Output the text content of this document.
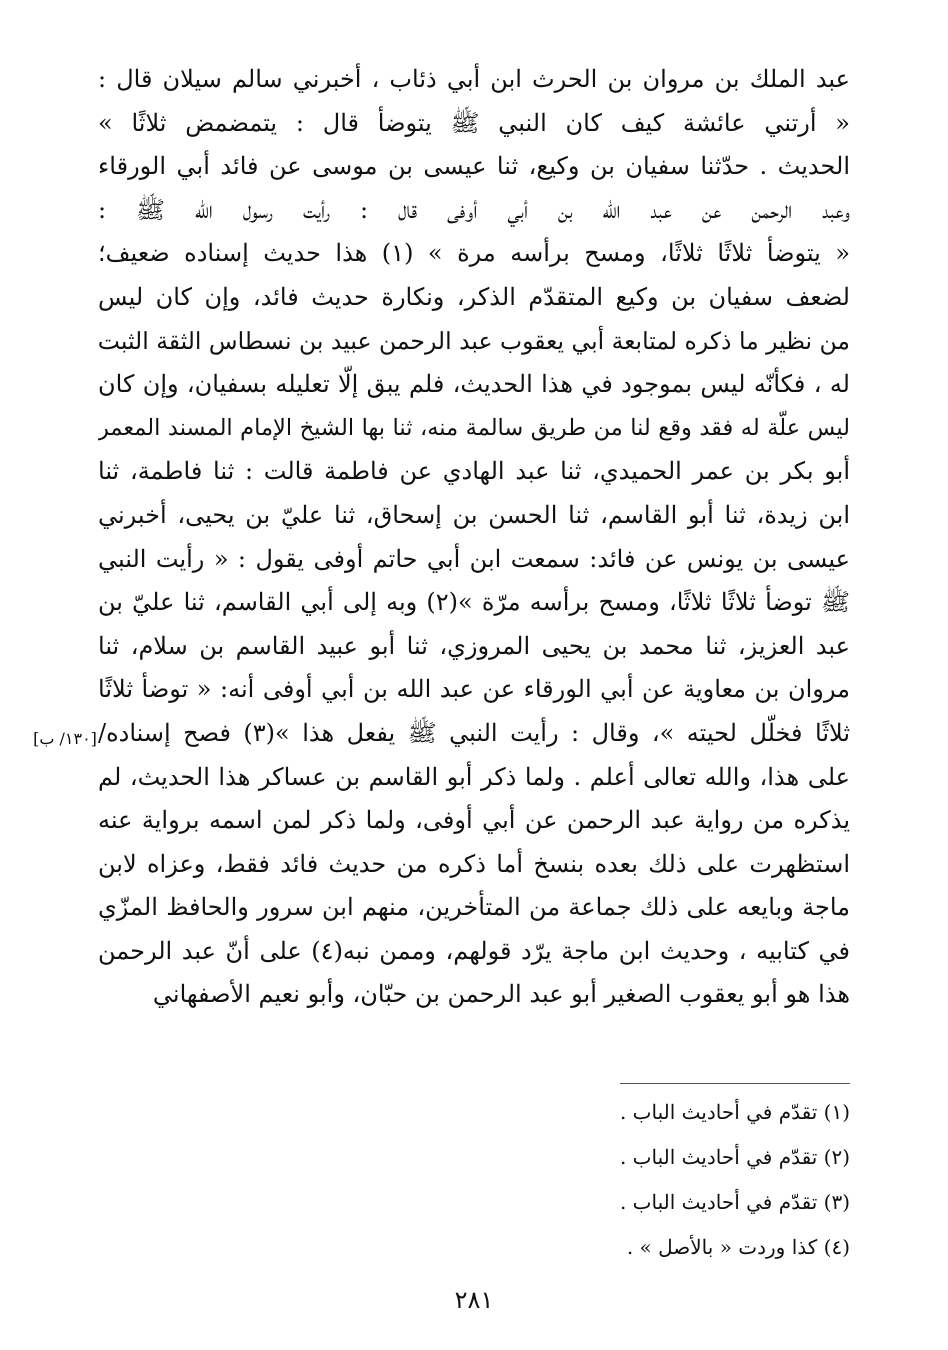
عبد الملك بن مروان بن الحرث ابن أبي ذئاب ، أخبرني سالم سيلان قال :
« أرتني عائشة كيف كان النبي ﷺ يتوضأ قال : يتمضمض ثلاثًا »
الحديث . حدّثنا سفيان بن وكيع، ثنا عيسى بن موسى عن فائد أبي الورقاء
وعبد الرحمن عن عبد الله بن أبي أوفى قال : رأيت رسول الله ﷺ :
« يتوضأ ثلاثًا ثلاثًا، ومسح برأسه مرة » (١) هذا حديث إسناده ضعيف؛
لضعف سفيان بن وكيع المتقدّم الذكر، ونكارة حديث فائد، وإن كان ليس
من نظير ما ذكره لمتابعة أبي يعقوب عبد الرحمن عبيد بن نسطاس الثقة الثبت
له ، فكأنّه ليس بموجود في هذا الحديث، فلم يبق إلّا تعليله بسفيان، وإن كان
ليس علّة له فقد وقع لنا من طريق سالمة منه، ثنا بها الشيخ الإمام المسند المعمر
أبو بكر بن عمر الحميدي، ثنا عبد الهادي عن فاطمة قالت : ثنا فاطمة، ثنا
ابن زيدة، ثنا أبو القاسم، ثنا الحسن بن إسحاق، ثنا عليّ بن يحيى، أخبرني
عيسى بن يونس عن فائد: سمعت ابن أبي حاتم أوفى يقول : « رأيت النبي
ﷺ توضأ ثلاثًا ثلاثًا، ومسح برأسه مرّة »(٢) وبه إلى أبي القاسم، ثنا عليّ بن
عبد العزيز، ثنا محمد بن يحيى المروزي، ثنا أبو عبيد القاسم بن سلام، ثنا
مروان بن معاوية عن أبي الورقاء عن عبد الله بن أبي أوفى أنه: « توضأ ثلاثًا
ثلاثًا فخلّل لحيته »، وقال : رأيت النبي ﷺ يفعل هذا »(٣) فصح إسناده/
على هذا، والله تعالى أعلم . ولما ذكر أبو القاسم بن عساكر هذا الحديث، لم
يذكره من رواية عبد الرحمن عن أبي أوفى، ولما ذكر لمن اسمه برواية عنه
استظهرت على ذلك بعده بنسخ أما ذكره من حديث فائد فقط، وعزاه لابن
ماجة وبايعه على ذلك جماعة من المتأخرين، منهم ابن سرور والحافظ المزّي
في كتابيه ، وحديث ابن ماجة يرّد قولهم، وممن نبه(٤) على أنّ عبد الرحمن
هذا هو أبو يعقوب الصغير أبو عبد الرحمن بن حبّان، وأبو نعيم الأصفهاني
[١٣٠/ ب]
(١) تقدّم في أحاديث الباب .
(٢) تقدّم في أحاديث الباب .
(٣) تقدّم في أحاديث الباب .
(٤) كذا وردت « بالأصل » .
٢٨١
